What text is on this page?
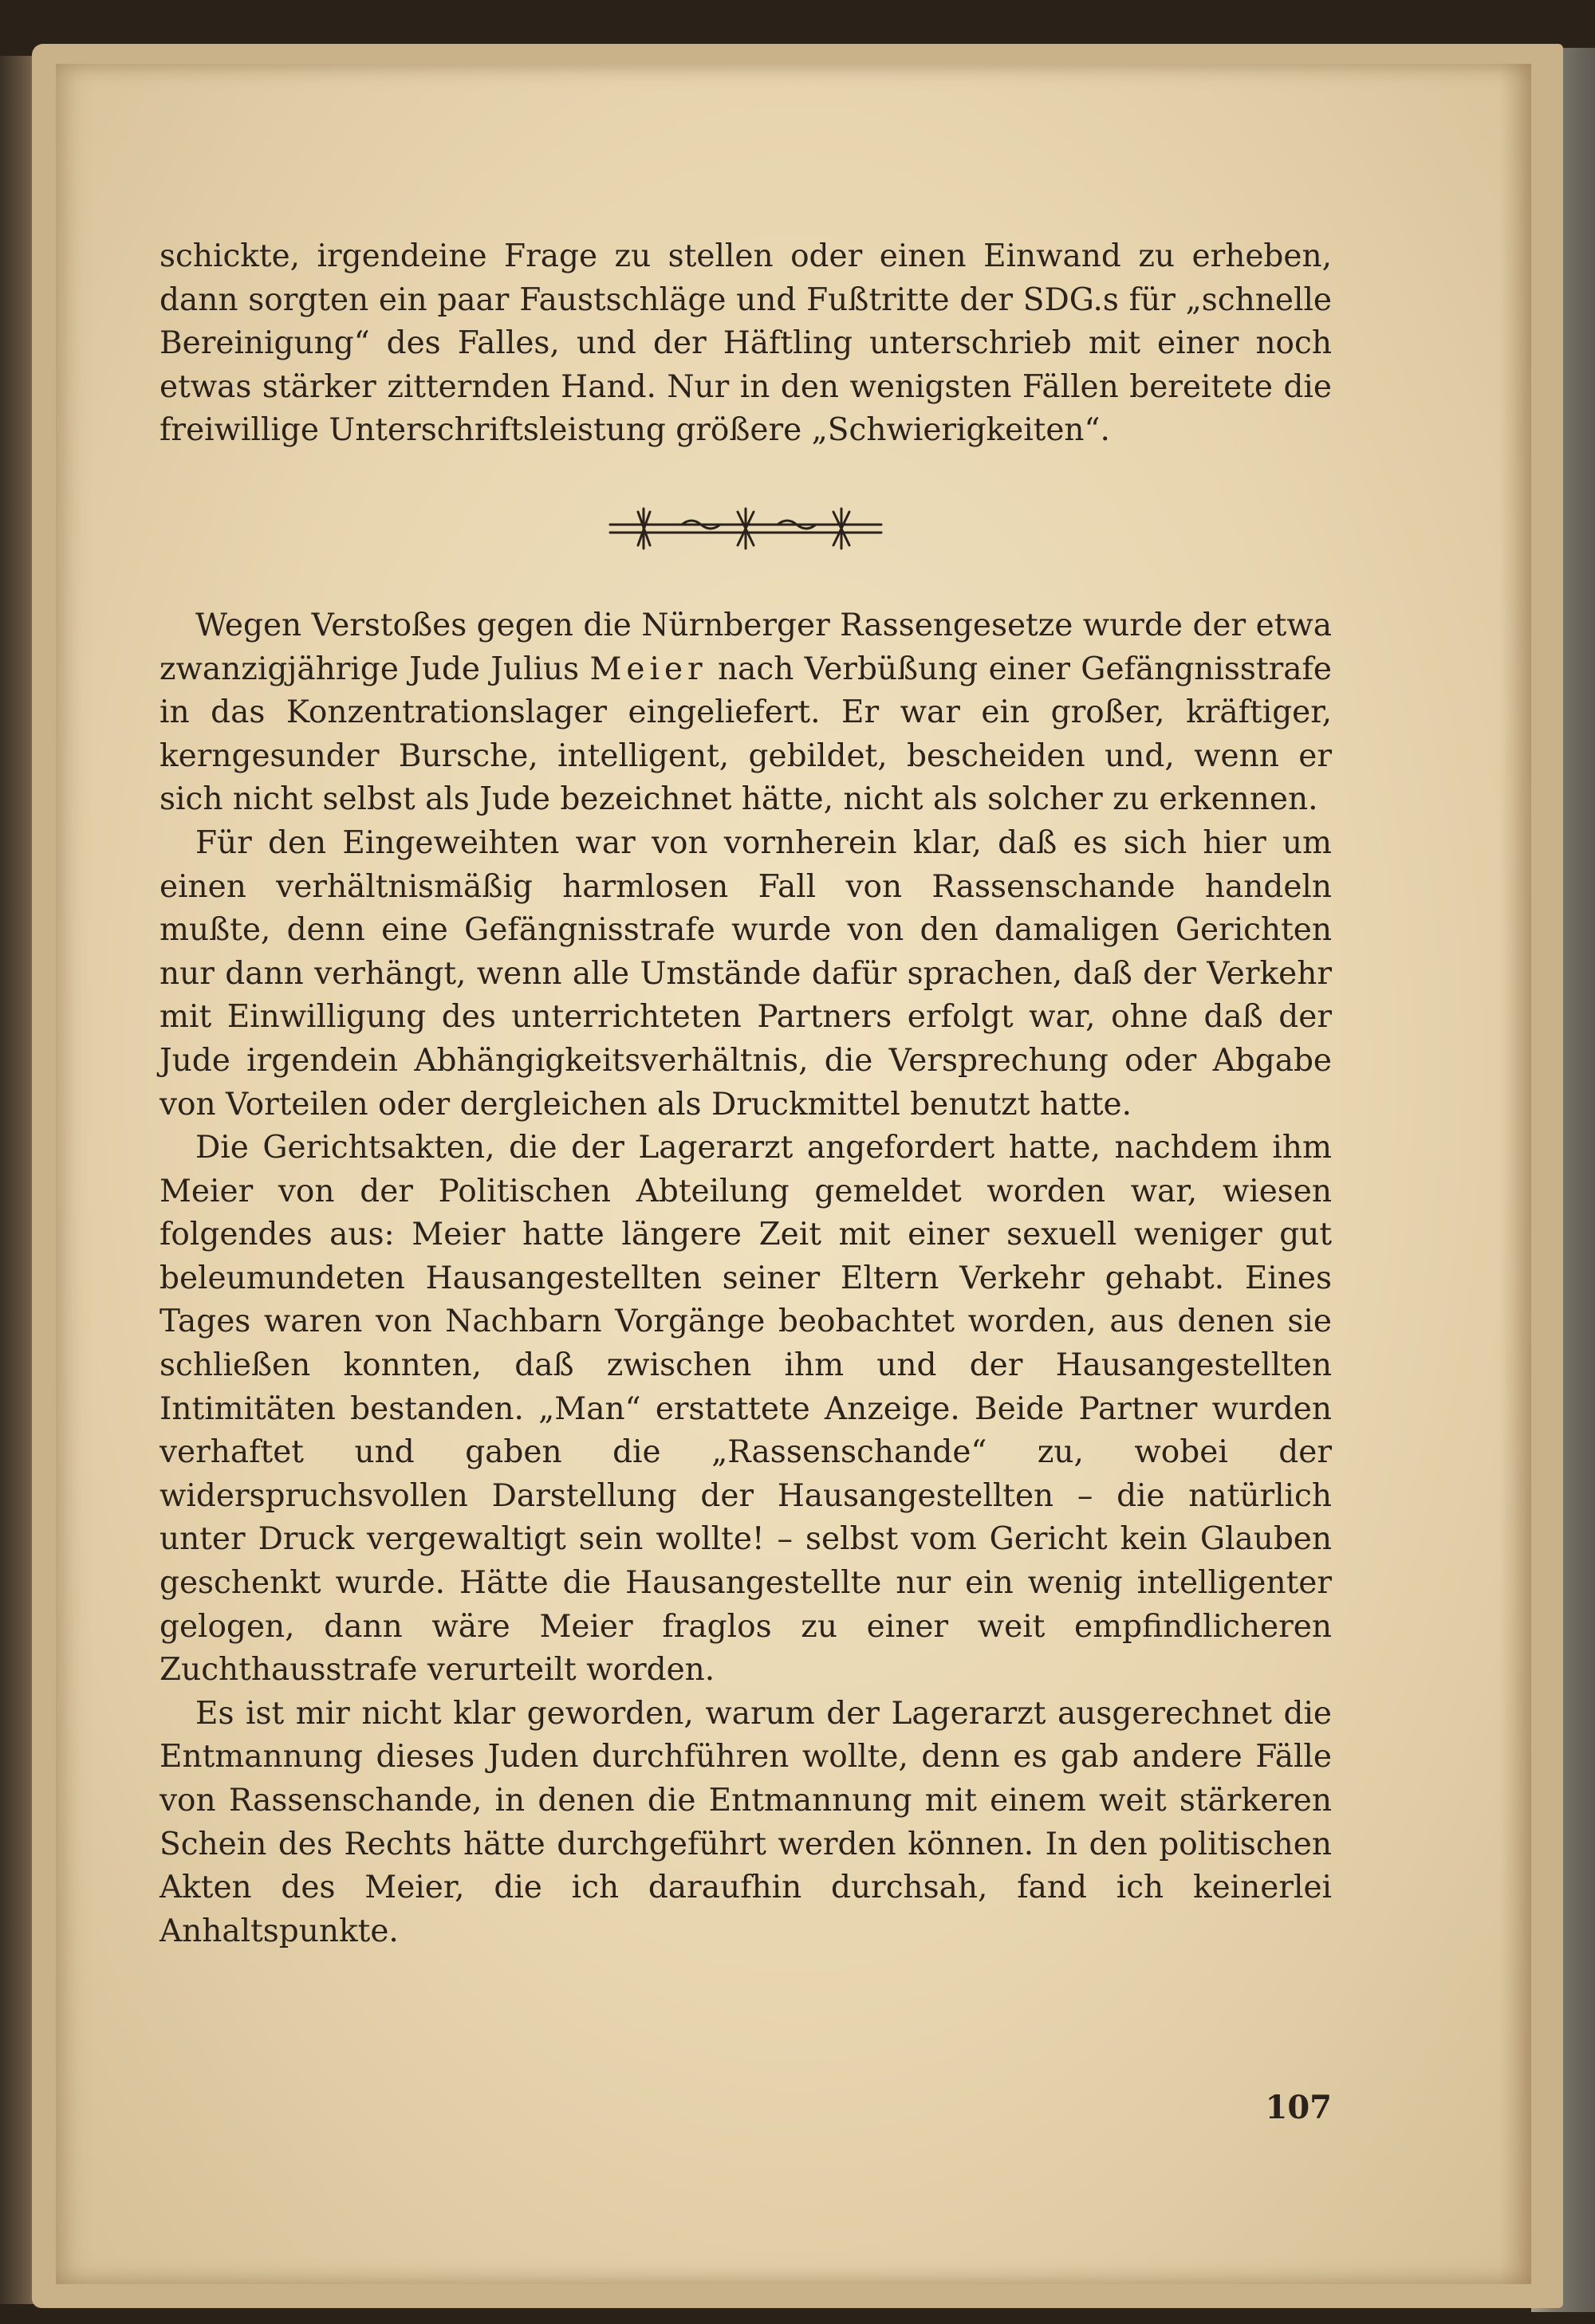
schickte, irgendeine Frage zu stellen oder einen Einwand zu erheben, dann sorgten ein paar Faustschläge und Fußtritte der SDG.s für „schnelle Bereinigung“ des Falles, und der Häftling unterschrieb mit einer noch etwas stärker zitternden Hand. Nur in den wenigsten Fällen bereitete die freiwillige Unterschriftsleistung größere „Schwierigkeiten“.

Wegen Verstoßes gegen die Nürnberger Rassengesetze wurde der etwa zwanzigjährige Jude Julius Meier nach Verbüßung einer Gefängnisstrafe in das Konzentrationslager eingeliefert. Er war ein großer, kräftiger, kerngesunder Bursche, intelligent, gebildet, bescheiden und, wenn er sich nicht selbst als Jude bezeichnet hätte, nicht als solcher zu erkennen.

Für den Eingeweihten war von vornherein klar, daß es sich hier um einen verhältnismäßig harmlosen Fall von Rassenschande handeln mußte, denn eine Gefängnisstrafe wurde von den damaligen Gerichten nur dann verhängt, wenn alle Umstände dafür sprachen, daß der Verkehr mit Einwilligung des unterrichteten Partners erfolgt war, ohne daß der Jude irgendein Abhängigkeitsverhältnis, die Versprechung oder Abgabe von Vorteilen oder dergleichen als Druckmittel benutzt hatte.

Die Gerichtsakten, die der Lagerarzt angefordert hatte, nachdem ihm Meier von der Politischen Abteilung gemeldet worden war, wiesen folgendes aus: Meier hatte längere Zeit mit einer sexuell weniger gut beleumundeten Hausangestellten seiner Eltern Verkehr gehabt. Eines Tages waren von Nachbarn Vorgänge beobachtet worden, aus denen sie schließen konnten, daß zwischen ihm und der Hausangestellten Intimitäten bestanden. „Man“ erstattete Anzeige. Beide Partner wurden verhaftet und gaben die „Rassenschande“ zu, wobei der widerspruchsvollen Darstellung der Hausangestellten – die natürlich unter Druck vergewaltigt sein wollte! – selbst vom Gericht kein Glauben geschenkt wurde. Hätte die Hausangestellte nur ein wenig intelligenter gelogen, dann wäre Meier fraglos zu einer weit empfindlicheren Zuchthausstrafe verurteilt worden.

Es ist mir nicht klar geworden, warum der Lagerarzt ausgerechnet die Entmannung dieses Juden durchführen wollte, denn es gab andere Fälle von Rassenschande, in denen die Entmannung mit einem weit stärkeren Schein des Rechts hätte durchgeführt werden können. In den politischen Akten des Meier, die ich daraufhin durchsah, fand ich keinerlei Anhaltspunkte.

107
